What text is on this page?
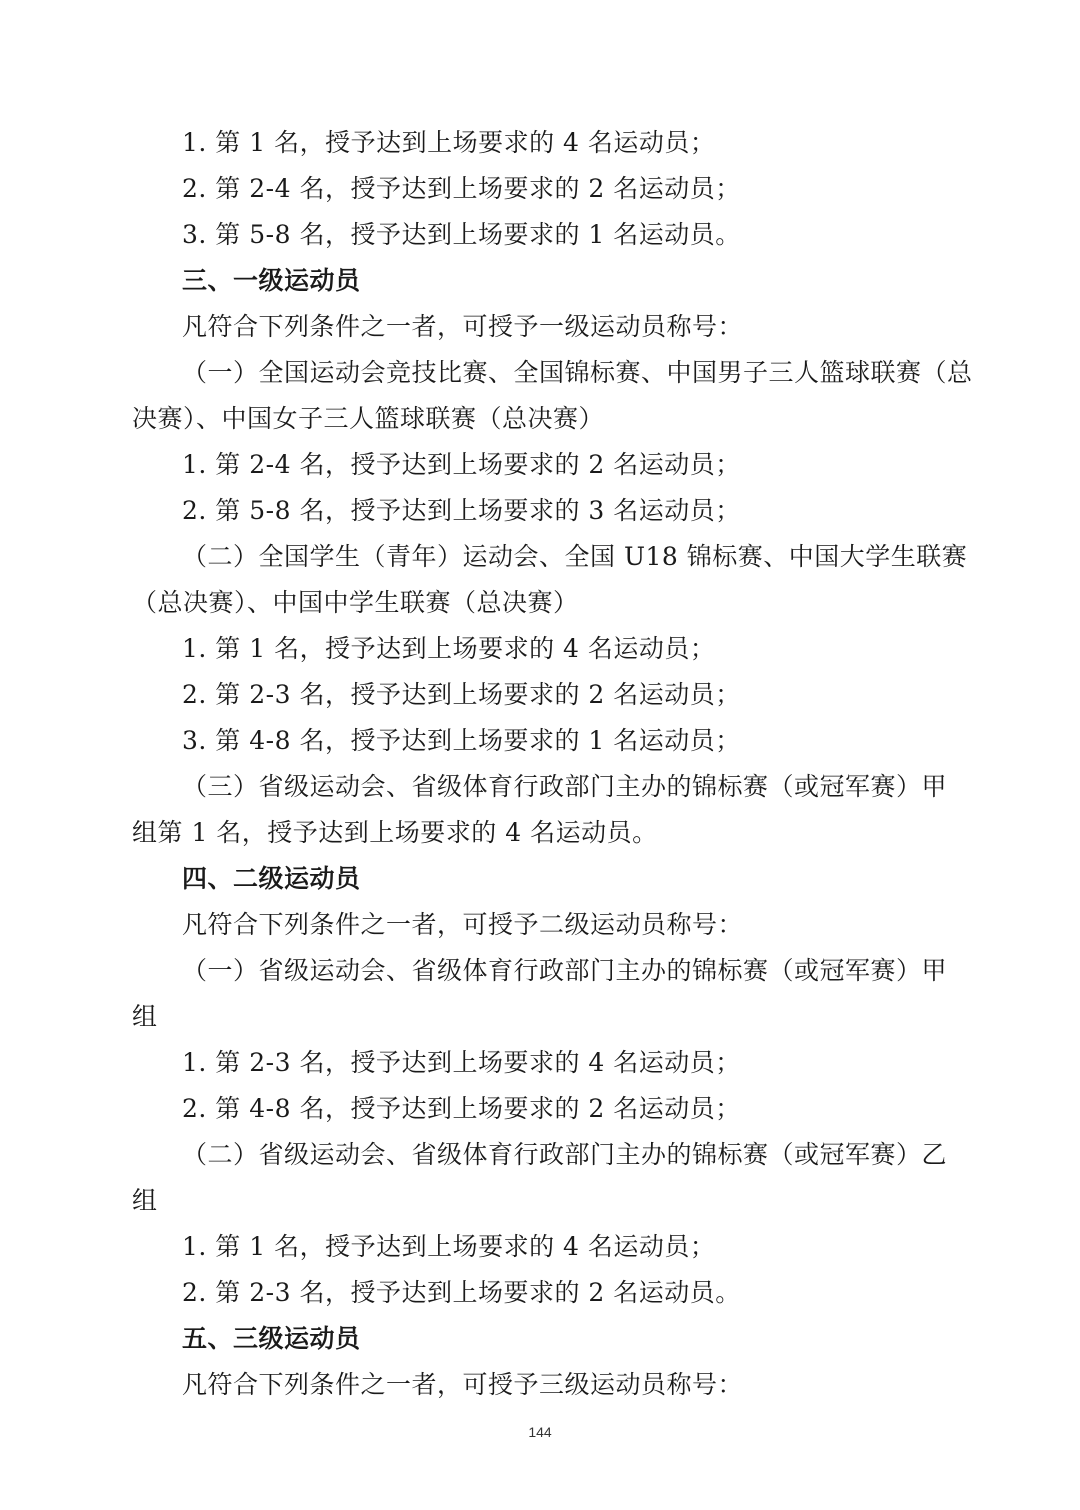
1. 第 1 名，授予达到上场要求的 4 名运动员；
2. 第 2-4 名，授予达到上场要求的 2 名运动员；
3. 第 5-8 名，授予达到上场要求的 1 名运动员。
三、一级运动员
凡符合下列条件之一者，可授予一级运动员称号：
（一）全国运动会竞技比赛、全国锦标赛、中国男子三人篮球联赛（总
决赛）、中国女子三人篮球联赛（总决赛）
1. 第 2-4 名，授予达到上场要求的 2 名运动员；
2. 第 5-8 名，授予达到上场要求的 3 名运动员；
（二）全国学生（青年）运动会、全国 U18 锦标赛、中国大学生联赛
（总决赛）、中国中学生联赛（总决赛）
1. 第 1 名，授予达到上场要求的 4 名运动员；
2. 第 2-3 名，授予达到上场要求的 2 名运动员；
3. 第 4-8 名，授予达到上场要求的 1 名运动员；
（三）省级运动会、省级体育行政部门主办的锦标赛（或冠军赛）甲
组第 1 名，授予达到上场要求的 4 名运动员。
四、二级运动员
凡符合下列条件之一者，可授予二级运动员称号：
（一）省级运动会、省级体育行政部门主办的锦标赛（或冠军赛）甲
组
1. 第 2-3 名，授予达到上场要求的 4 名运动员；
2. 第 4-8 名，授予达到上场要求的 2 名运动员；
（二）省级运动会、省级体育行政部门主办的锦标赛（或冠军赛）乙
组
1. 第 1 名，授予达到上场要求的 4 名运动员；
2. 第 2-3 名，授予达到上场要求的 2 名运动员。
五、三级运动员
凡符合下列条件之一者，可授予三级运动员称号：
144
